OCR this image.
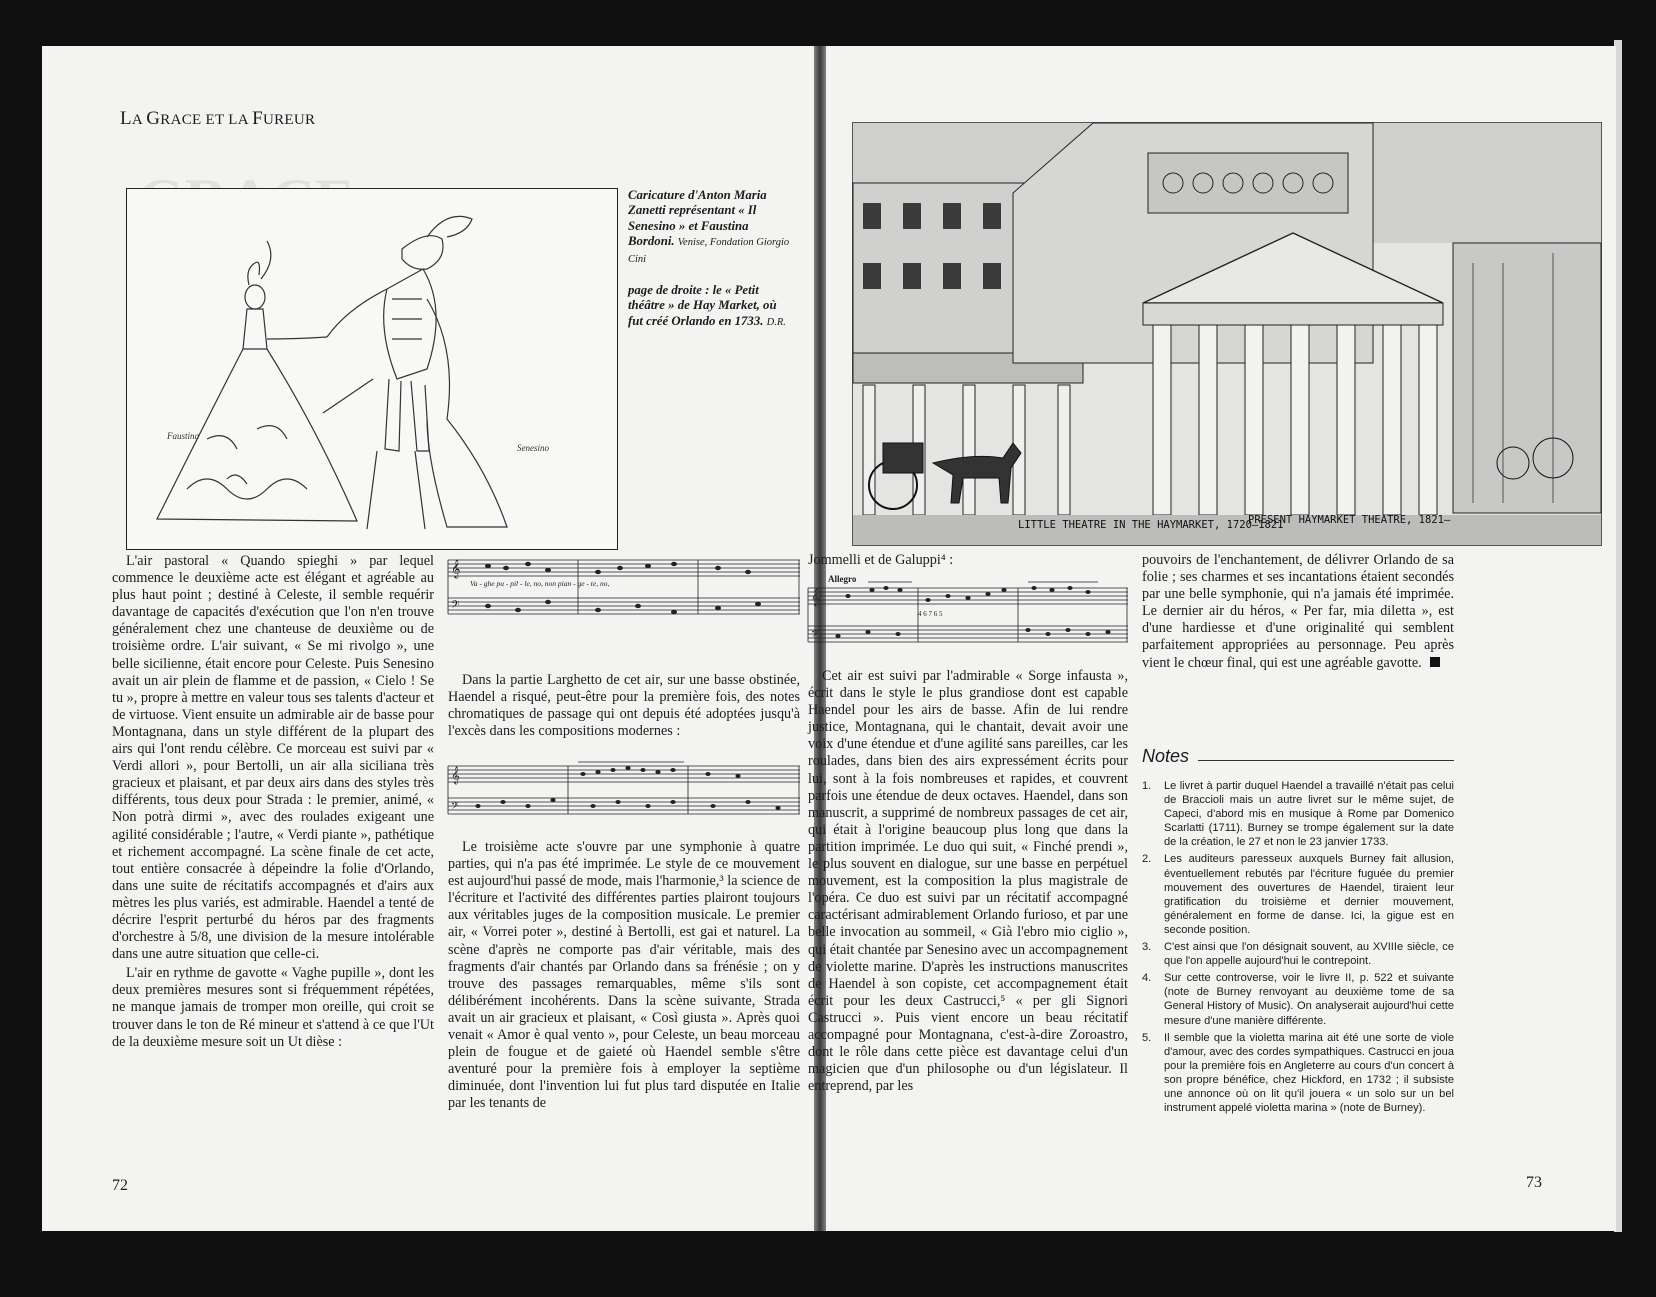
LA GRACE ET LA FUREUR
Faustina
Senesino
Caricature d'Anton Maria Zanetti représentant « Il Senesino » et Faustina Bordoni. Venise, Fondation Giorgio Cini
page de droite : le « Petit théâtre » de Hay Market, où fut créé Orlando en 1733. D.R.

L'air pastoral « Quando spieghi » par lequel commence le deuxième acte est élégant et agréable au plus haut point ; destiné à Celeste, il semble requérir davantage de capacités d'exécution que l'on n'en trouve généralement chez une chanteuse de deuxième ou de troisième ordre. L'air suivant, « Se mi rivolgo », une belle sicilienne, était encore pour Celeste. Puis Senesino avait un air plein de flamme et de passion, « Cielo ! Se tu », propre à mettre en valeur tous ses talents d'acteur et de virtuose. Vient ensuite un admirable air de basse pour Montagnana, dans un style différent de la plupart des airs qui l'ont rendu célèbre. Ce morceau est suivi par « Verdi allori », pour Bertolli, un air alla siciliana très gracieux et plaisant, et par deux airs dans des styles très différents, tous deux pour Strada : le premier, animé, « Non potrà dirmi », avec des roulades exigeant une agilité considérable ; l'autre, « Verdi piante », pathétique et richement accompagné. La scène finale de cet acte, tout entière consacrée à dépeindre la folie d'Orlando, dans une suite de récitatifs accompagnés et d'airs aux mètres les plus variés, est admirable. Haendel a tenté de décrire l'esprit perturbé du héros par des fragments d'orchestre à 5/8, une division de la mesure intolérable dans une autre situation que celle-ci.

L'air en rythme de gavotte « Vaghe pupille », dont les deux premières mesures sont si fréquemment répétées, ne manque jamais de tromper mon oreille, qui croit se trouver dans le ton de Ré mineur et s'attend à ce que l'Ut de la deuxième mesure soit un Ut dièse :

𝄞
𝄢
Va - ghe pu - pil - le, no, non pian - ge - te, no,

Dans la partie Larghetto de cet air, sur une basse obstinée, Haendel a risqué, peut-être pour la première fois, des notes chromatiques de passage qui ont depuis été adoptées jusqu'à l'excès dans les compositions modernes :

𝄞
𝄢

Le troisième acte s'ouvre par une symphonie à quatre parties, qui n'a pas été imprimée. Le style de ce mouvement est aujourd'hui passé de mode, mais l'harmonie,³ la science de l'écriture et l'activité des différentes parties plairont toujours aux véritables juges de la composition musicale. Le premier air, « Vorrei poter », destiné à Bertolli, est gai et naturel. La scène d'après ne comporte pas d'air véritable, mais des fragments d'air chantés par Orlando dans sa frénésie ; on y trouve des passages remarquables, même s'ils sont délibérément incohérents. Dans la scène suivante, Strada avait un air gracieux et plaisant, « Così giusta ». Après quoi venait « Amor è qual vento », pour Celeste, un beau morceau plein de fougue et de gaieté où Haendel semble s'être aventuré pour la première fois à employer la septième diminuée, dont l'invention lui fut plus tard disputée en Italie par les tenants de

72
LITTLE THEATRE IN THE HAYMARKET, 1720–1821
PRESENT HAYMARKET THEATRE, 1821–
Jommelli et de Galuppi⁴ :
Allegro
𝄞
𝄢
4 6 7 6 5

Cet air est suivi par l'admirable « Sorge infausta », écrit dans le style le plus grandiose dont est capable Haendel pour les airs de basse. Afin de lui rendre justice, Montagnana, qui le chantait, devait avoir une voix d'une étendue et d'une agilité sans pareilles, car les roulades, dans bien des airs expressément écrits pour lui, sont à la fois nombreuses et rapides, et couvrent parfois une étendue de deux octaves. Haendel, dans son manuscrit, a supprimé de nombreux passages de cet air, qui était à l'origine beaucoup plus long que dans la partition imprimée. Le duo qui suit, « Finché prendi », le plus souvent en dialogue, sur une basse en perpétuel mouvement, est la composition la plus magistrale de l'opéra. Ce duo est suivi par un récitatif accompagné caractérisant admirablement Orlando furioso, et par une belle invocation au sommeil, « Già l'ebro mio ciglio », qui était chantée par Senesino avec un accompagnement de violette marine. D'après les instructions manuscrites de Haendel à son copiste, cet accompagnement était écrit pour les deux Castrucci,⁵ « per gli Signori Castrucci ». Puis vient encore un beau récitatif accompagné pour Montagnana, c'est-à-dire Zoroastro, dont le rôle dans cette pièce est davantage celui d'un magicien que d'un philosophe ou d'un législateur. Il entreprend, par les

pouvoirs de l'enchantement, de délivrer Orlando de sa folie ; ses charmes et ses incantations étaient secondés par une belle symphonie, qui n'a jamais été imprimée. Le dernier air du héros, « Per far, mia diletta », est d'une hardiesse et d'une originalité qui semblent parfaitement appropriées au personnage. Peu après vient le chœur final, qui est une agréable gavotte.

Notes
1. Le livret à partir duquel Haendel a travaillé n'était pas celui de Braccioli mais un autre livret sur le même sujet, de Capeci, d'abord mis en musique à Rome par Domenico Scarlatti (1711). Burney se trompe également sur la date de la création, le 27 et non le 23 janvier 1733.
2. Les auditeurs paresseux auxquels Burney fait allusion, éventuellement rebutés par l'écriture fuguée du premier mouvement des ouvertures de Haendel, tiraient leur gratification du troisième et dernier mouvement, généralement en forme de danse. Ici, la gigue est en seconde position.
3. C'est ainsi que l'on désignait souvent, au XVIIIe siècle, ce que l'on appelle aujourd'hui le contrepoint.
4. Sur cette controverse, voir le livre II, p. 522 et suivante (note de Burney renvoyant au deuxième tome de sa General History of Music). On analyserait aujourd'hui cette mesure d'une manière différente.
5. Il semble que la violetta marina ait été une sorte de viole d'amour, avec des cordes sympathiques. Castrucci en joua pour la première fois en Angleterre au cours d'un concert à son propre bénéfice, chez Hickford, en 1732 ; il subsiste une annonce où on lit qu'il jouera « un solo sur un bel instrument appelé violetta marina » (note de Burney).
73
